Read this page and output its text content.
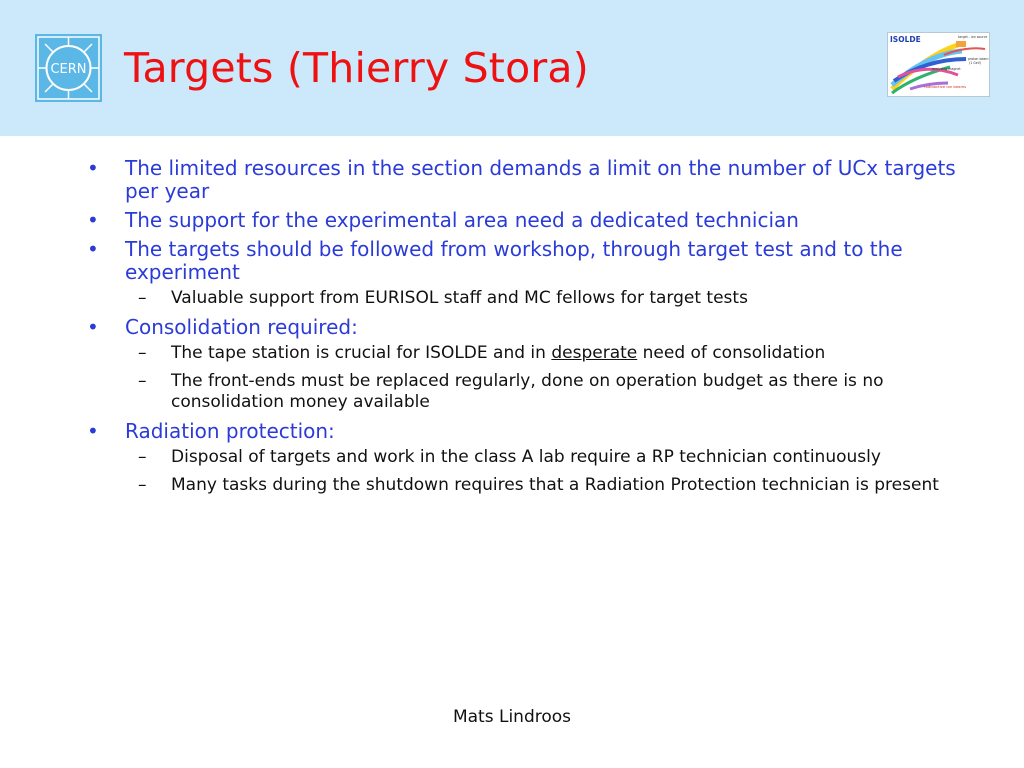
CERN Targets (Thierry Stora)
ISOLDE	target - ion source
proton beam
(1 GeV)
analysing magnet
radioactive ion beams
•	The limited resources in the section demands a limit on the number of UCx targets per year
•	The support for the experimental area need a dedicated technician
•	The targets should be followed from workshop, through target test and to the experiment
– Valuable support from EURISOL staff and MC fellows for target tests
•	Consolidation required:
– The tape station is crucial for ISOLDE and in desperate need of consolidation
– The front-ends must be replaced regularly, done on operation budget as there is no consolidation money available
•	Radiation protection:
– Disposal of targets and work in the class A lab require a RP technician continuously
– Many tasks during the shutdown requires that a Radiation Protection technician is present
Mats Lindroos
